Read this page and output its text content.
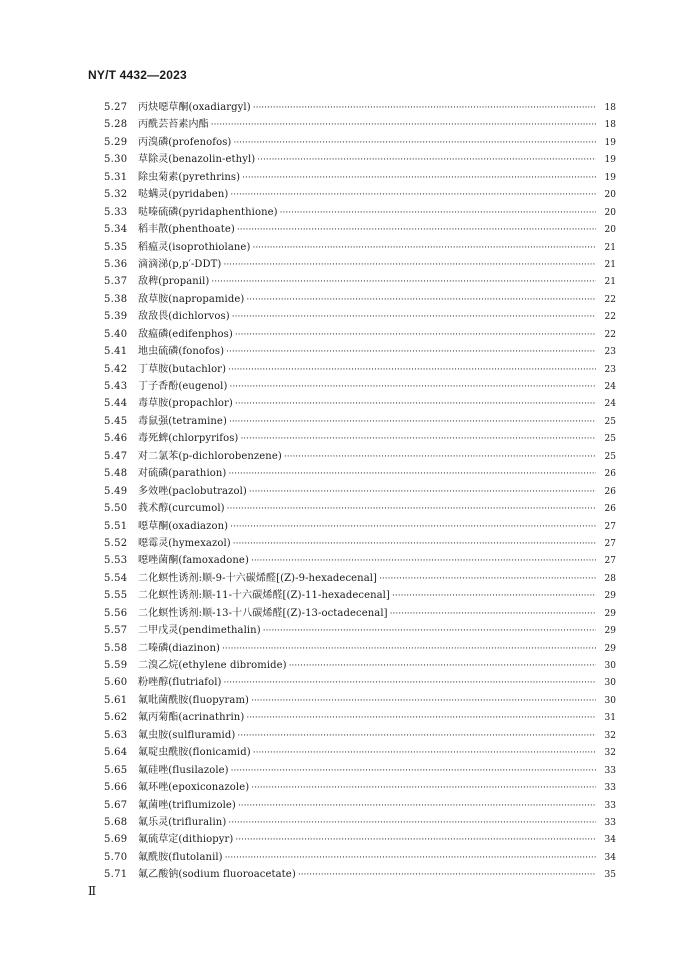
NY/T 4432—2023
5.27	丙炔噁草酮(oxadiargyl) ·····	18
5.28	丙酰芸苔素内酯 ·····	18
5.29	丙溴磷(profenofos) ·····	19
5.30	草除灵(benazolin-ethyl) ·····	19
5.31	除虫菊素(pyrethrins) ·····	19
5.32	哒螨灵(pyridaben) ·····	20
5.33	哒嗪硫磷(pyridaphenthione) ·····	20
5.34	稻丰散(phenthoate) ·····	20
5.35	稻瘟灵(isoprothiolane) ·····	21
5.36	滴滴涕(p,p′-DDT) ·····	21
5.37	敌稗(propanil) ·····	21
5.38	敌草胺(napropamide) ·····	22
5.39	敌敌畏(dichlorvos) ·····	22
5.40	敌瘟磷(edifenphos) ·····	22
5.41	地虫硫磷(fonofos) ·····	23
5.42	丁草胺(butachlor) ·····	23
5.43	丁子香酚(eugenol) ·····	24
5.44	毒草胺(propachlor) ·····	24
5.45	毒鼠强(tetramine) ·····	25
5.46	毒死蜱(chlorpyrifos) ·····	25
5.47	对二氯苯(p-dichlorobenzene) ·····	25
5.48	对硫磷(parathion) ·····	26
5.49	多效唑(paclobutrazol) ·····	26
5.50	莪术醇(curcumol) ·····	26
5.51	噁草酮(oxadiazon) ·····	27
5.52	噁霉灵(hymexazol) ·····	27
5.53	噁唑菌酮(famoxadone) ·····	27
5.54	二化螟性诱剂:顺-9-十六碳烯醛[(Z)-9-hexadecenal] ·····	28
5.55	二化螟性诱剂:顺-11-十六碳烯醛[(Z)-11-hexadecenal] ·····	29
5.56	二化螟性诱剂:顺-13-十八碳烯醛[(Z)-13-octadecenal] ·····	29
5.57	二甲戊灵(pendimethalin) ·····	29
5.58	二嗪磷(diazinon) ·····	29
5.59	二溴乙烷(ethylene dibromide) ·····	30
5.60	粉唑醇(flutriafol) ·····	30
5.61	氟吡菌酰胺(fluopyram) ·····	30
5.62	氟丙菊酯(acrinathrin) ·····	31
5.63	氟虫胺(sulfluramid) ·····	32
5.64	氟啶虫酰胺(flonicamid) ·····	32
5.65	氟硅唑(flusilazole) ·····	33
5.66	氟环唑(epoxiconazole) ·····	33
5.67	氟菌唑(triflumizole) ·····	33
5.68	氟乐灵(trifluralin) ·····	33
5.69	氟硫草定(dithiopyr) ·····	34
5.70	氟酰胺(flutolanil) ·····	34
5.71	氟乙酸钠(sodium fluoroacetate) ·····	35
Ⅱ
